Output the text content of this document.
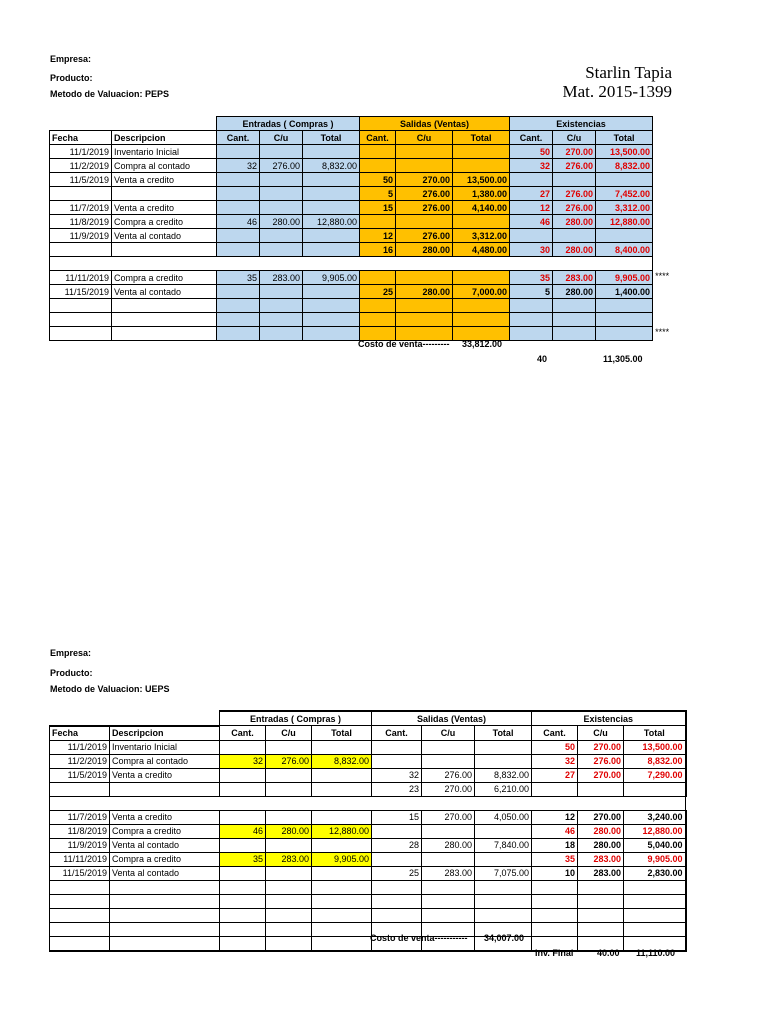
Starlin Tapia
Mat. 2015-1399
Empresa:
Producto:
Metodo de Valuacion: PEPS
		Entradas ( Compras )			Salidas (Ventas)			Existencias		
Fecha	Descripcion	Cant.	C/u	Total	Cant.	C/u	Total	Cant.	C/u	Total
11/1/2019	Inventario Inicial							50	270.00	13,500.00
11/2/2019	Compra al contado	32	276.00	8,832.00				32	276.00	8,832.00
11/5/2019	Venta a credito				50	270.00	13,500.00			
					5	276.00	1,380.00	27	276.00	7,452.00
11/7/2019	Venta a credito				15	276.00	4,140.00	12	276.00	3,312.00
11/8/2019	Compra a credito	46	280.00	12,880.00				46	280.00	12,880.00
11/9/2019	Venta al contado				12	276.00	3,312.00			
					16	280.00	4,480.00	30	280.00	8,400.00

11/11/2019	Compra a credito	35	283.00	9,905.00				35	283.00	9,905.00 ****

11/15/2019	Venta al contado				25	280.00	7,000.00	5	280.00	1,400.00

										****
Costo de venta--------- 33,812.00
40	11,305.00
Empresa:
Producto:
Metodo de Valuacion: UEPS
		Entradas ( Compras )			Salidas (Ventas)			Existencias		
Fecha	Descripcion	Cant.	C/u	Total	Cant.	C/u	Total	Cant.	C/u	Total
11/1/2019	Inventario Inicial							50	270.00	13,500.00
11/2/2019	Compra al contado	32	276.00	8,832.00				32	276.00	8,832.00
11/5/2019	Venta a credito				32	276.00	8,832.00	27	270.00	7,290.00
					23	270.00	6,210.00			

11/7/2019	Venta a credito				15	270.00	4,050.00	12	270.00	3,240.00
11/8/2019	Compra a credito	46	280.00	12,880.00				46	280.00	12,880.00
11/9/2019	Venta al contado				28	280.00	7,840.00	18	280.00	5,040.00
11/11/2019	Compra a credito	35	283.00	9,905.00				35	283.00	9,905.00
11/15/2019	Venta al contado				25	283.00	7,075.00	10	283.00	2,830.00

Costo de venta----------- 34,007.00
Inv. Final	40.00 11,110.00
